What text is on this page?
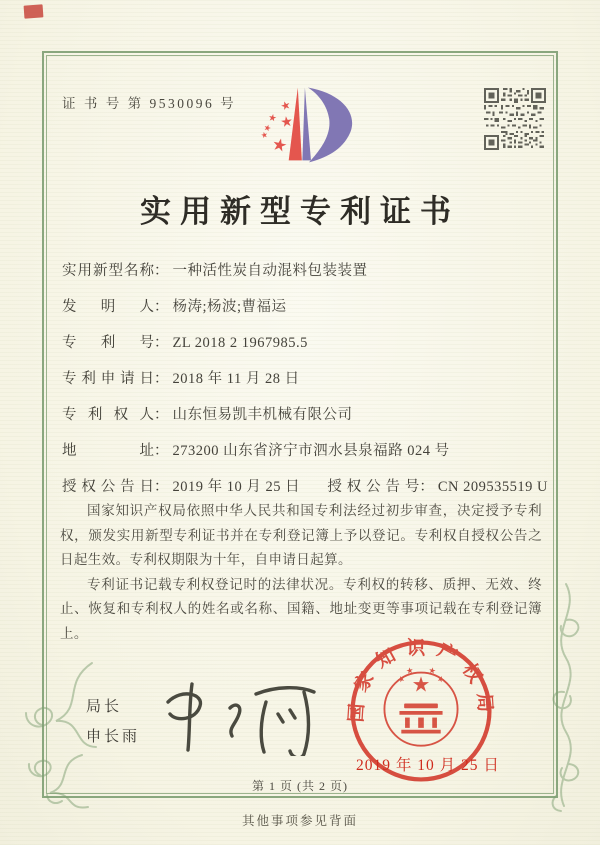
证 书 号 第 9530096 号
实用新型专利证书
实用新型名称： 一种活性炭自动混料包装装置
发明人： 杨涛;杨波;曹福运
专利号： ZL 2018 2 1967985.5
专利申请日： 2018 年 11 月 28 日
专利权人： 山东恒易凯丰机械有限公司
地址： 273200 山东省济宁市泗水县泉福路 024 号
授权公告日： 2019 年 10 月 25 日	授权公告号： CN 209535519 U

国家知识产权局依照中华人民共和国专利法经过初步审查，决定授予专利权，颁发实用新型专利证书并在专利登记簿上予以登记。专利权自授权公告之日起生效。专利权期限为十年，自申请日起算。

专利证书记载专利权登记时的法律状况。专利权的转移、质押、无效、终止、恢复和专利权人的姓名或名称、国籍、地址变更等事项记载在专利登记簿上。

局长
申长雨
国家知识产权局
2019 年 10 月 25 日
第 1 页 (共 2 页)
其他事项参见背面
